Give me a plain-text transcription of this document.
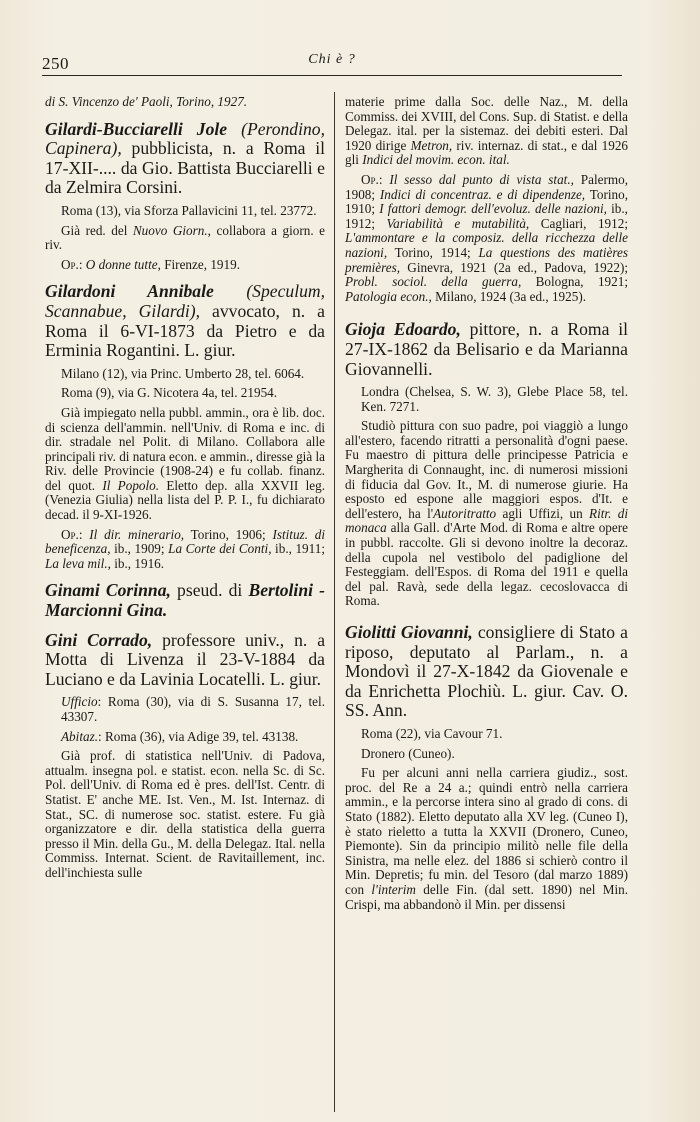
250	Chi è ?

di S. Vincenzo de' Paoli, Torino, 1927.

Gilardi-Bucciarelli Jole (Perondino, Capinera), pubblicista, n. a Roma il 17-XII-.... da Gio. Battista Bucciarelli e da Zelmira Corsini.

Roma (13), via Sforza Pallavicini 11, tel. 23772.

Già red. del Nuovo Giorn., collabora a giorn. e riv.

Op.: O donne tutte, Firenze, 1919.

Gilardoni Annibale (Speculum, Scannabue, Gilardi), avvocato, n. a Roma il 6-VI-1873 da Pietro e da Erminia Rogantini. L. giur.

Milano (12), via Princ. Umberto 28, tel. 6064.

Roma (9), via G. Nicotera 4a, tel. 21954.

Già impiegato nella pubbl. ammin., ora è lib. doc. di scienza dell'ammin. nell'Univ. di Roma e inc. di dir. stradale nel Polit. di Milano. Collabora alle principali riv. di natura econ. e ammin., diresse già la Riv. delle Provincie (1908-24) e fu collab. finanz. del quot. Il Popolo. Eletto dep. alla XXVII leg. (Venezia Giulia) nella lista del P. P. I., fu dichiarato decad. il 9-XI-1926.

Op.: Il dir. minerario, Torino, 1906; Istituz. di beneficenza, ib., 1909; La Corte dei Conti, ib., 1911; La leva mil., ib., 1916.

Ginami Corinna, pseud. di Bertolini - Marcionni Gina.

Gini Corrado, professore univ., n. a Motta di Livenza il 23-V-1884 da Luciano e da Lavinia Locatelli. L. giur.

Ufficio: Roma (30), via di S. Susanna 17, tel. 43307.

Abitaz.: Roma (36), via Adige 39, tel. 43138.

Già prof. di statistica nell'Univ. di Padova, attualm. insegna pol. e statist. econ. nella Sc. di Sc. Pol. dell'Univ. di Roma ed è pres. dell'Ist. Centr. di Statist. E' anche ME. Ist. Ven., M. Ist. Internaz. di Stat., SC. di numerose soc. statist. estere. Fu già organizzatore e dir. della statistica della guerra presso il Min. della Gu., M. della Delegaz. Ital. nella Commiss. Internat. Scient. de Ravitaillement, inc. dell'inchiesta sulle

materie prime dalla Soc. delle Naz., M. della Commiss. dei XVIII, del Cons. Sup. di Statist. e della Delegaz. ital. per la sistemaz. dei debiti esteri. Dal 1920 dirige Metron, riv. internaz. di stat., e dal 1926 gli Indici del movim. econ. ital.

Op.: Il sesso dal punto di vista stat., Palermo, 1908; Indici di concentraz. e di dipendenze, Torino, 1910; I fattori demogr. dell'evoluz. delle nazioni, ib., 1912; Variabilità e mutabilità, Cagliari, 1912; L'ammontare e la composiz. della ricchezza delle nazioni, Torino, 1914; La questions des matières premières, Ginevra, 1921 (2a ed., Padova, 1922); Probl. sociol. della guerra, Bologna, 1921; Patologia econ., Milano, 1924 (3a ed., 1925).

Gioja Edoardo, pittore, n. a Roma il 27-IX-1862 da Belisario e da Marianna Giovannelli.

Londra (Chelsea, S. W. 3), Glebe Place 58, tel. Ken. 7271.

Studiò pittura con suo padre, poi viaggiò a lungo all'estero, facendo ritratti a personalità d'ogni paese. Fu maestro di pittura delle principesse Patricia e Margherita di Connaught, inc. di numerosi missioni di fiducia dal Gov. It., M. di numerose giurie. Ha esposto ed espone alle maggiori espos. d'It. e dell'estero, ha l'Autoritratto agli Uffizi, un Ritr. di monaca alla Gall. d'Arte Mod. di Roma e altre opere in pubbl. raccolte. Gli si devono inoltre la decoraz. della cupola nel vestibolo del padiglione del Festeggiam. dell'Espos. di Roma del 1911 e quella del pal. Ravà, sede della legaz. cecoslovacca di Roma.

Giolitti Giovanni, consigliere di Stato a riposo, deputato al Parlam., n. a Mondovì il 27-X-1842 da Giovenale e da Enrichetta Plochiù. L. giur. Cav. O. SS. Ann.

Roma (22), via Cavour 71.

Dronero (Cuneo).

Fu per alcuni anni nella carriera giudiz., sost. proc. del Re a 24 a.; quindi entrò nella carriera ammin., e la percorse intera sino al grado di cons. di Stato (1882). Eletto deputato alla XV leg. (Cuneo I), è stato rieletto a tutta la XXVII (Dronero, Cuneo, Piemonte). Sin da principio militò nelle file della Sinistra, ma nelle elez. del 1886 si schierò contro il Min. Depretis; fu min. del Tesoro (dal marzo 1889) con l'interim delle Fin. (dal sett. 1890) nel Min. Crispi, ma abbandonò il Min. per dissensi
